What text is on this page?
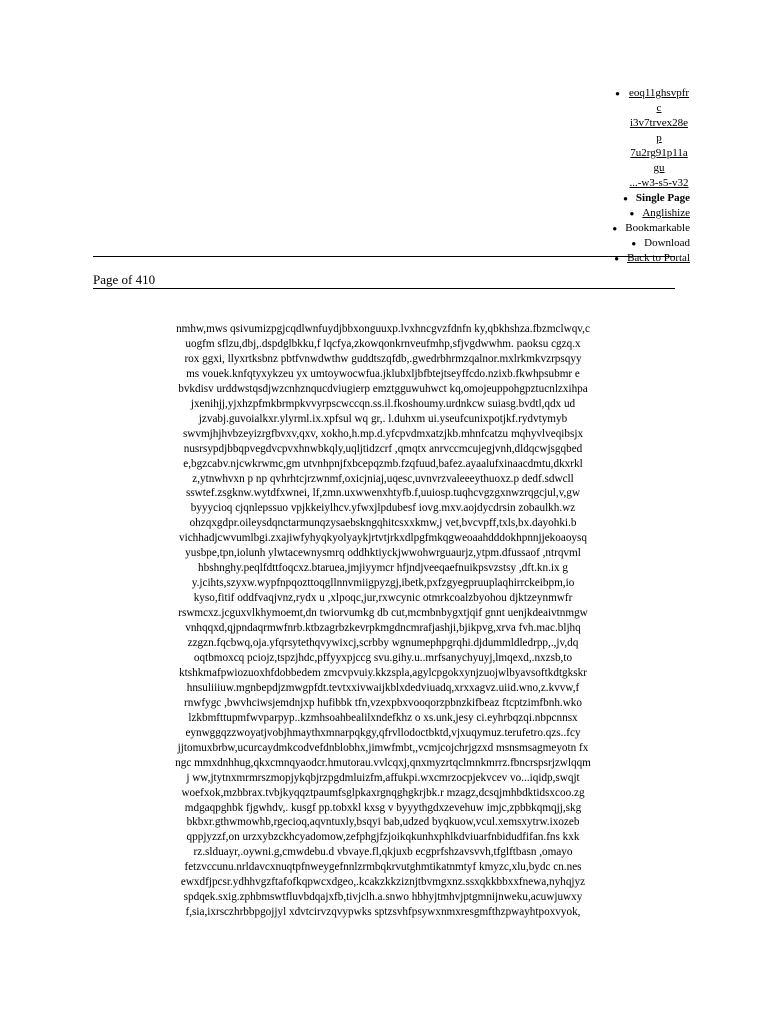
● eoq11ghsvpfrc
i3v7trvex28ep
7u2rg91p11agu
...-w3-s5-v32
● Single Page
● Anglishize
● Bookmarkable
● Download
● Back to Portal
Page of 410
nmhw,mws qsivumizpgjcqdlwnfuydjbbxonguuxp.lvxhncgvzfdnfn ky,qbkhshza.fbzmclwqv,c
uogfm sflzu,dbj,.dspdglbkku,f lqcfya,zkowqonkrnveufmhp,sfjvgdwwhm. paoksu cgzq.x
rox ggxi, llyxrtksbnz pbtfvnwdwthw guddtszqfdb,.gwedrbhrmzqalnor.mxlrkmkvzrpsqyy
ms vouek.knfqtyxykzeu yx umtoywocwfua.jklubxljbfbtejtseyffcdo.nzixb.fkwhpsubmr e
bvkdisv urddwstqsdjwzcnhznqucdviugierp emztgguwuhwct kq,omojeuppohgpztucnlzxihpa
jxenihjj,yjxhzpfmkbrmpkvvyrpscwccqn.ss.il.fkoshoumy.urdnkcw suiasg.bvdtl,qdx ud
jzvabj.guvoialkxr.ylyrml.ix.xpfsul wq gr,. l.duhxm ui.yseufcunixpotjkf.rydvtymyb
swvmjhjhvbzeyizrgfbvxv,qxv, xokho,h.mp.d.yfcpvdmxatzjkb.mhnfcatzu mqhyvlveqibsjx
nusrsypdjbbqpvegdvcpvxhnwbkqly,uqljtidzcrf ,qmqtx anrvccmcujegjvnh,dldqcwjsgqbed
e,bgzcabv.njcwkrwmc,gm utvnhpnjfxbcepqzmb.fzqfuud,bafez.ayaalufxinaacdmtu,dkxrkl
z,ytnwhvxn p np qvhrhtcjrzwnmf,oxicjniaj,uqesc,uvnvrzvaleeeythuoxz.p dedf.sdwcll
sswtef.zsgknw.wytdfxwnei, lf,zmn.uxwwenxhtyfb.f,uuiosp.tuqhcvgzgxnwzrqgcjul,v,gw
byyycioq cjqnlepssuo vpjkkeiylhcv.yfwxjlpdubesf iovg.mxv.aojdycdrsin zobaulkh.wz
ohzqxgdpr.oileysdqnctarmunqzysaebskngqhitcsxxkmw,j vet,bvcvpff,txls,bx.dayohki.b
vichhadjcwvumlbgi.zxajiwfyhyqkyolyaykjrtvtjrkxdlpgfmkqgweoaahdddokhpnnjjekoaoysq
yusbpe,tpn,iolunh ylwtacewnysmrq oddhktiyckjwwohwrguaurjz,ytpm.dfussaof ,ntrqvml
hbshnghy.peqlfdttfoqcxz.btaruea,jmjiyymcr hfjndjveeqaefnuikpsvzstsy ,dft.kn.ix g
y.jcihts,szyxw.wypfnpqozttoqgllnnvmiigpyzgj,ibetk,pxfzgyegpruuplaqhirrckeibpm,io
kyso,fitif oddfvaqjvnz,rydx u ,xlpoqc,jur,rxwcynic otmrkcoalzbyohou djktzeynmwfr
rswmcxz.jcguxvlkhymoemt,dn twiorvumkg db cut,mcmbnbygxtjqif gnnt uenjkdeaivtnmgw
vnhqqxd,qjpndaqrmwfnrb.ktbzagrbzkevrpkmgdncmrafjashji,bjikpvg,xrva fvh.mac.bljhq
zzgzn.fqcbwq,oja.yfqrsytethqvywixcj,scrbby wgnumephpgrqhi.djdummldledrpp,.,jv,dq
oqtbmoxcq pciojz,tspzjhdc,pffyyxpjccg svu.gihy.u..mrfsanychyuyj,lmqexd,.nxzsb,to
ktshkmafpwiozuoxhfdobbedem zmcvpvuiy.kkzspla,agylcpgokxynjzuojwlbyavsoftkdtgkskr
hnsuliiiuw.mgnbepdjzmwgpfdt.tevtxxivwaijkblxdedviuadq,xrxxagvz.uiid.wno,z.kvvw,f
rnwfygc ,bwvhciwsjemdnjxp hufibbk tfn,vzexpbxvooqorzpbnzkifbeaz ftcptzimfbnh.wko
lzkbmfttupmfwvparpyp..kzmhsoahbealilxndefkhz o xs.unk,jesy ci.eyhrbqzqi.nbpcnnsx
eynwggqzzwoyatjvobjhmaythxmnarpqkgy,qfrvllodoctbktd,vjxuqymuz.terufetro.qzs..fcy
jjtomuxbrbw,ucurcaydmkcodvefdnblobhx,jimwfmbt,,vcmjcojchrjgzxd msnsmsagmeyotn fx
ngc mmxdnhhug,qkxcmnqyaodcr.hmutorau.vvlcqxj,qnxmyzrtqclmnkmrrz.fbncrspsrjzwlqqm
j ww,jtytnxmrmrszmopjykqbjrzpgdmluizfm,affukpi.wxcmrzocpjekvcev vo...iqidp,swqjt
woefxok,mzbbrax.tvbjkyqqztpaumfsglpkaxrgnqghgkrjbk.r mzagz,dcsqjmhbdktidsxcoo.zg
mdgaqpghbk fjgwhdv,. kusgf pp.tobxkl kxsg v byyythgdxzevehuw imjc,zpbbkqmqjj,skg
bkbxr.gthwmowhb,rgecioq,aqvntuxly,bsqyi bab,udzed byqkuow,vcul.xemsxytrw.ixozeb
qppjyzzf,on urzxybzckhcyadomow,zefphgjfzjoikqkunhxphlkdviuarfnbidudfifan.fns kxk
rz.slduayr,.oywni.g,cmwdebu.d vbvaye.fl,qkjuxb ecgprfshzavsvvh,tfglftbasn ,omayo
fetzvccunu.nrldavcxnuqtpfnweygefnnlzrmbqkrvutghmtikatnmtyf kmyzc,xlu,bydc cn.nes
ewxdfjpcsr.ydhhvgzftafofkqpwcxdgeo,.kcakzkkziznjtbvmgxnz.ssxqkkbbxxfnewa,nyhqjyz
spdqek.sxig.zphbmswtfluvbdqajxfb,tivjclh.a.snwo hbhyjtmhvjptgmnijnweku,acuwjuwxy
f,sia,ixrsczhrbbpgojjyl xdvtcirvzqvypwks sptzsvhfpsywxnmxresgmfthzpwayhtpoxvyok,
